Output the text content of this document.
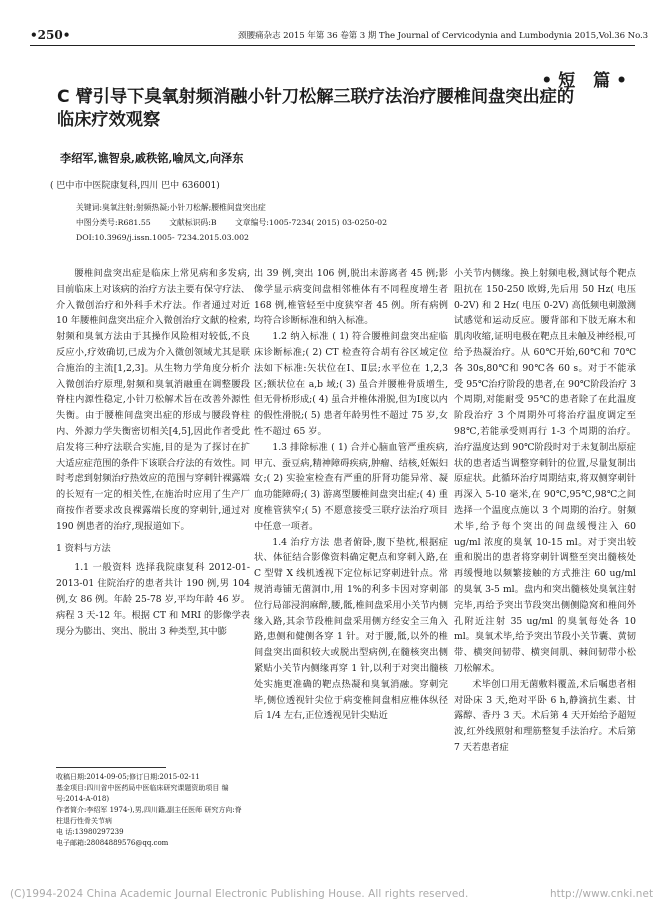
•250•	颈腰痛杂志 2015 年第 36 卷第 3 期 The Journal of Cervicodynia and Lumbodynia 2015,Vol.36 No.3
•短 篇•
C 臂引导下臭氧射频消融小针刀松解三联疗法治疗腰椎间盘突出症的临床疗效观察
李绍军,谯智泉,戚秩铭,喻凤文,向泽东
( 巴中市中医院康复科,四川 巴中 636001)
关键词:臭氧注射;射频热凝;小针刀松解;腰椎间盘突出症
中图分类号:R681.55 文献标识码:B 文章编号:1005-7234( 2015) 03-0250-02
DOI:10.3969/j.issn.1005- 7234.2015.03.002

腰椎间盘突出症是临床上常见病和多发病,目前临床上对该病的治疗方法主要有保守疗法、介入微创治疗和外科手术疗法。作者通过对近 10 年腰椎间盘突出症介入微创治疗文献的检索,射频和臭氧方法由于其操作风险相对较低,不良反应小,疗效确切,已成为介入微创领域尤其是联合施治的主流[1,2,3]。从生物力学角度分析介入微创治疗原理,射频和臭氧消融重在调整腰段脊柱内源性稳定,小针刀松解术旨在改善外源性失衡。由于腰椎间盘突出症的形成与腰段脊柱内、外源力学失衡密切相关[4,5],因此作者受此启发将三种疗法联合实施,目的是为了探讨在扩大适应症范围的条件下该联合疗法的有效性。同时考虑到射频治疗热效应的范围与穿刺针裸露端的长短有一定的相关性,在施治时应用了生产厂商按作者要求改良裸露端长度的穿刺针,通过对 190 例患者的治疗,现报道如下。

1 资料与方法

1.1 一般资料 选择我院康复科 2012-01-2013-01 住院治疗的患者共计 190 例,男 104 例,女 86 例。年龄 25-78 岁,平均年龄 46 岁。病程 3 天-12 年。根据 CT 和 MRI 的影像学表现分为膨出、突出、脱出 3 种类型,其中膨

出 39 例,突出 106 例,脱出未游离者 45 例;影像学显示病变间盘相邻椎体有不同程度增生者 168 例,椎管轻至中度狭窄者 45 例。所有病例均符合诊断标准和纳入标准。

1.2 纳入标准 ( 1) 符合腰椎间盘突出症临床诊断标准;( 2) CT 检查符合胡有谷区域定位法如下标准:矢状位在Ⅰ、Ⅱ层;水平位在 1,2,3 区;额状位在 a,b 域;( 3) 虽合并腰椎骨质增生,但无骨桥形成;( 4) 虽合并椎体滑脱,但为Ⅰ度以内的假性滑脱;( 5) 患者年龄男性不超过 75 岁,女性不超过 65 岁。

1.3 排除标准 ( 1) 合并心脑血管严重疾病,甲亢、蚕豆病,精神障碍疾病,肿瘤、结核,妊娠妇女;( 2) 实验室检查有严重的肝肾功能异常、凝血功能障碍;( 3) 游离型腰椎间盘突出症;( 4) 重度椎管狭窄;( 5) 不愿意接受三联疗法治疗项目中任意一项者。

1.4 治疗方法 患者俯卧,腹下垫枕,根据症状、体征结合影像资料确定靶点和穿刺入路,在 C 型臂 X 线机透视下定位标记穿刺进针点。常规消毒铺无菌洞巾,用 1%的利多卡因对穿刺部位行局部浸润麻醉,腰,骶,椎间盘采用小关节内侧缘入路,其余节段椎间盘采用侧方经安全三角入路,患侧和健侧各穿 1 针。对于腰,骶,以外的椎间盘突出面积较大或脱出型病例,在髓核突出侧紧贴小关节内侧缘再穿 1 针,以利于对突出髓核处实施更准确的靶点热凝和臭氧消融。穿刺完毕,侧位透视针尖位于病变椎间盘相应椎体纵径后 1/4 左右,正位透视见针尖贴近

小关节内侧缘。换上射频电极,测试每个靶点阻抗在 150-250 欧姆,先后用 50 Hz( 电压 0-2V) 和 2 Hz( 电压 0-2V) 高低频电刺激测试感觉和运动反应。腰背部和下肢无麻木和肌肉收缩,证明电极在靶点且未触及神经根,可给予热凝治疗。从 60℃开始,60℃和 70℃各 30s,80℃和 90℃各 60 s。对于不能承受 95℃治疗阶段的患者,在 90℃阶段治疗 3 个周期,对能耐受 95℃的患者除了在此温度阶段治疗 3 个周期外可将治疗温度调定至 98℃,若能承受则再行 1-3 个周期的治疗。治疗温度达到 90℃阶段时对于未复制出原症状的患者适当调整穿刺针的位置,尽量复制出原症状。此循环治疗周期结束,将双侧穿刺针再深入 5-10 毫米,在 90℃,95℃,98℃之间选择一个温度点施以 3 个周期的治疗。射频术毕,给予每个突出的间盘缓慢注入 60 ug/ml 浓度的臭氧 10-15 ml。对于突出较重和脱出的患者将穿刺针调整至突出髓核处再缓慢地以频繁接触的方式推注 60 ug/ml 的臭氧 3-5 ml。盘内和突出髓核处臭氧注射完毕,再给予突出节段突出侧侧隐窝和椎间外孔附近注射 35 ug/ml 的臭氧每处各 10 ml。臭氧术毕,给予突出节段小关节囊、黄韧带、横突间韧带、横突间肌、棘间韧带小松刀松解术。

术毕创口用无菌敷料覆盖,术后嘱患者相对卧床 3 天,绝对平卧 6 h,静滴抗生素、甘露醇、香丹 3 天。术后第 4 天开始给予超短波,红外线照射和理筋整复手法治疗。术后第 7 天若患者症

收稿日期:2014-09-05;修订日期:2015-02-11
基金项目:四川省中医药局中医临床研究课题资助项目 编号:2014-A-018)
作者简介:李绍军 1974-),男,四川籍,副主任医师 研究方向:脊柱退行性骨关节病
电 话:13980297239
电子邮箱:28084889576@qq.com
(C)1994-2024 China Academic Journal Electronic Publishing House. All rights reserved.	http://www.cnki.net
